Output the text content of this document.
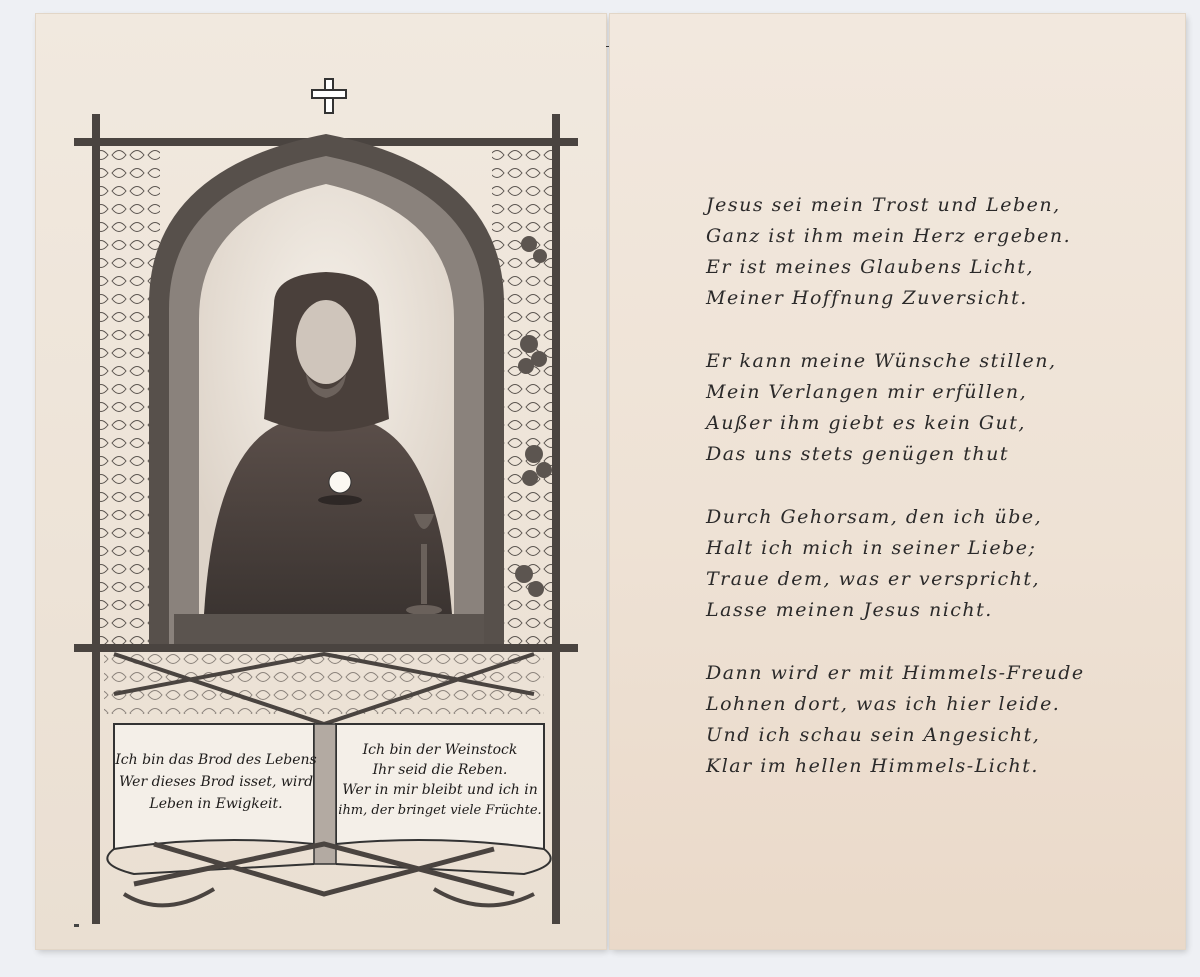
Ich bin das Brod des Lebens
Wer dieses Brod isset, wird
Leben in Ewigkeit.
Ich bin der Weinstock
Ihr seid die Reben.
Wer in mir bleibt und ich in
ihm, der bringet viele Früchte.
Jesus sei mein Trost und Leben,
Ganz ist ihm mein Herz ergeben.
Er ist meines Glaubens Licht,
Meiner Hoffnung Zuversicht.
Er kann meine Wünsche stillen,
Mein Verlangen mir erfüllen,
Außer ihm giebt es kein Gut,
Das uns stets genügen thut
Durch Gehorsam, den ich übe,
Halt ich mich in seiner Liebe;
Traue dem, was er verspricht,
Lasse meinen Jesus nicht.
Dann wird er mit Himmels-Freude
Lohnen dort, was ich hier leide.
Und ich schau sein Angesicht,
Klar im hellen Himmels-Licht.
